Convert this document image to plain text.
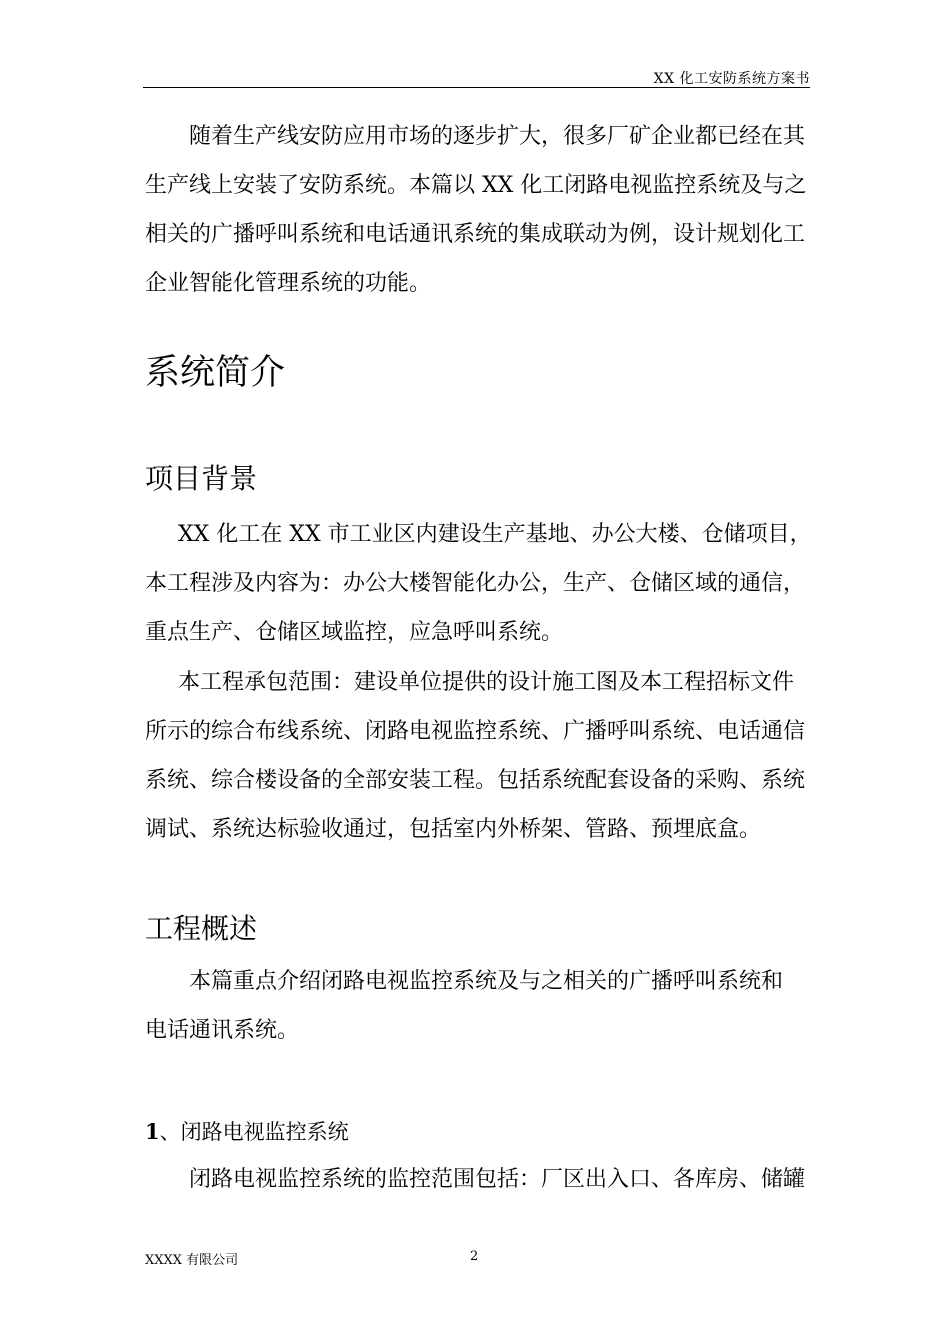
XX 化工安防系统方案书
随着生产线安防应用市场的逐步扩大，很多厂矿企业都已经在其
生产线上安装了安防系统。本篇以 XX 化工闭路电视监控系统及与之
相关的广播呼叫系统和电话通讯系统的集成联动为例，设计规划化工
企业智能化管理系统的功能。
系统简介
项目背景
XX 化工在 XX 市工业区内建设生产基地、办公大楼、仓储项目，
本工程涉及内容为：办公大楼智能化办公，生产、仓储区域的通信，
重点生产、仓储区域监控，应急呼叫系统。
本工程承包范围：建设单位提供的设计施工图及本工程招标文件
所示的综合布线系统、闭路电视监控系统、广播呼叫系统、电话通信
系统、综合楼设备的全部安装工程。包括系统配套设备的采购、系统
调试、系统达标验收通过，包括室内外桥架、管路、预埋底盒。
工程概述
本篇重点介绍闭路电视监控系统及与之相关的广播呼叫系统和
电话通讯系统。
1、闭路电视监控系统
闭路电视监控系统的监控范围包括：厂区出入口、各库房、储罐
XXXX 有限公司	2
